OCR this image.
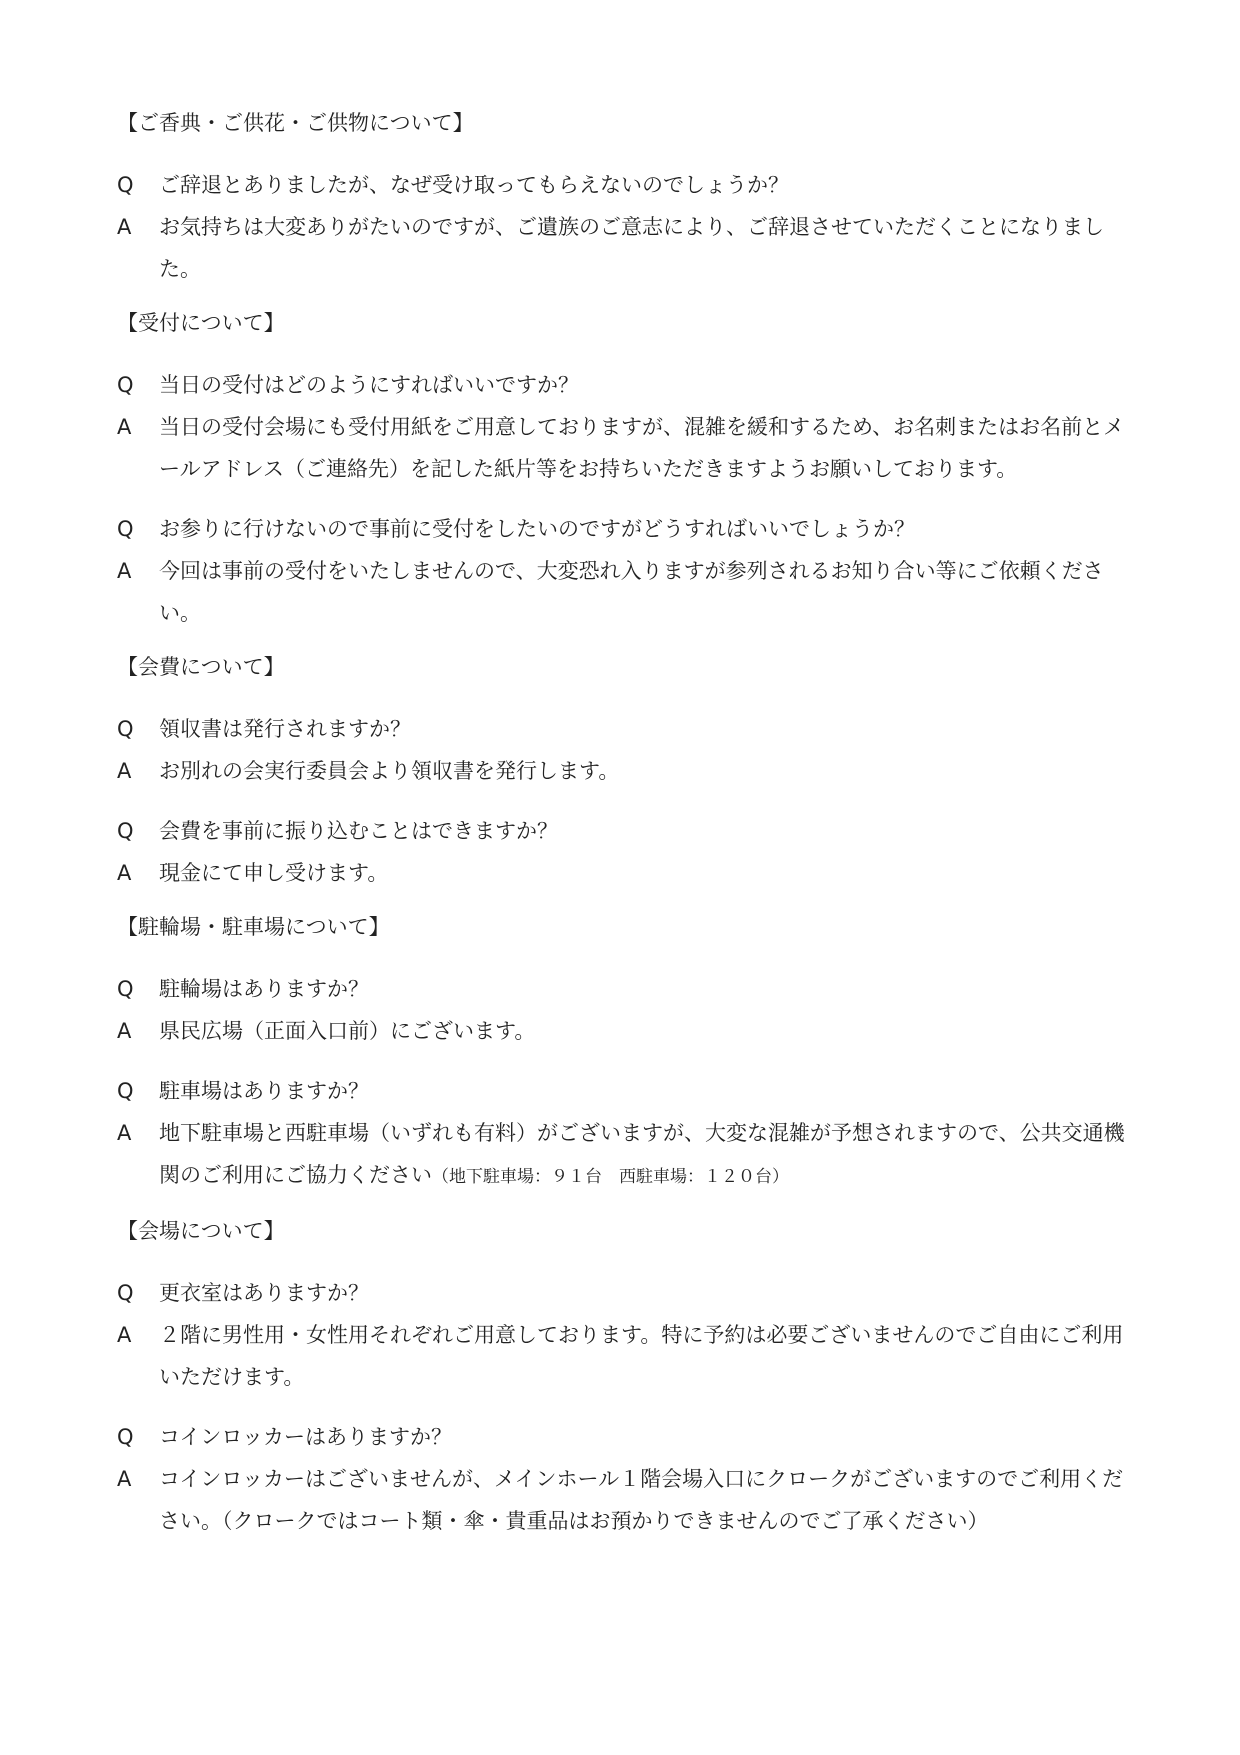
【ご香典・ご供花・ご供物について】
Q	ご辞退とありましたが、なぜ受け取ってもらえないのでしょうか？
A	お気持ちは大変ありがたいのですが、ご遺族のご意志により、ご辞退させていただくことになりました。
【受付について】
Q	当日の受付はどのようにすればいいですか？
A	当日の受付会場にも受付用紙をご用意しておりますが、混雑を緩和するため、お名刺またはお名前とメールアドレス（ご連絡先）を記した紙片等をお持ちいただきますようお願いしております。
Q	お参りに行けないので事前に受付をしたいのですがどうすればいいでしょうか？
A	今回は事前の受付をいたしませんので、大変恐れ入りますが参列されるお知り合い等にご依頼ください。
【会費について】
Q	領収書は発行されますか？
A	お別れの会実行委員会より領収書を発行します。
Q	会費を事前に振り込むことはできますか？
A	現金にて申し受けます。
【駐輪場・駐車場について】
Q	駐輪場はありますか？
A	県民広場（正面入口前）にございます。
Q	駐車場はありますか？
A	地下駐車場と西駐車場（いずれも有料）がございますが、大変な混雑が予想されますので、公共交通機関のご利用にご協力ください（地下駐車場：９１台　西駐車場：１２０台）
【会場について】
Q	更衣室はありますか？
A	２階に男性用・女性用それぞれご用意しております。特に予約は必要ございませんのでご自由にご利用いただけます。
Q	コインロッカーはありますか？
A	コインロッカーはございませんが、メインホール１階会場入口にクロークがございますのでご利用ください。（クロークではコート類・傘・貴重品はお預かりできませんのでご了承ください）
